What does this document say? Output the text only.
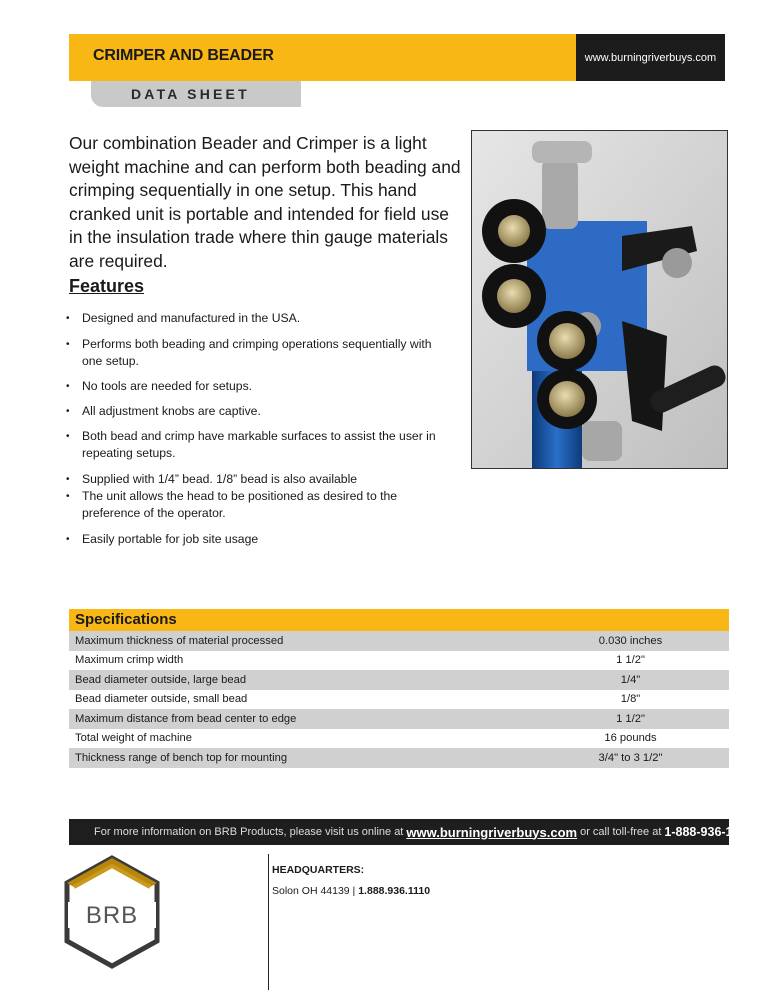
CRIMPER AND BEADER	www.burningriverbuys.com
DATA SHEET
Our combination Beader and Crimper is a light weight machine and can perform both beading and crimping sequentially in one setup. This hand cranked unit is portable and intended for field use in the insulation trade where thin gauge materials are required.
Features
• Designed and manufactured in the USA.
• Performs both beading and crimping operations sequentially with one setup.
• No tools are needed for setups.
• All adjustment knobs are captive.
• Both bead and crimp have markable surfaces to assist the user in repeating setups.
• Supplied with 1/4” bead. 1/8” bead is also available
• The unit allows the head to be positioned as desired to the preference of the operator.
• Easily portable for job site usage
Specifications
Maximum thickness of material processed	0.030 inches
Maximum crimp width	1 1/2"
Bead diameter outside, large bead	1/4"
Bead diameter outside, small bead	1/8"
Maximum distance from bead center to edge	1 1/2"
Total weight of machine	16 pounds
Thickness range of bench top for mounting	3/4" to 3 1/2"
For more information on BRB Products, please visit us online at www.burningriverbuys.com or call toll-free at 1-888-936-1110.
BRB
HEADQUARTERS:
Solon OH 44139 | 1.888.936.1110
